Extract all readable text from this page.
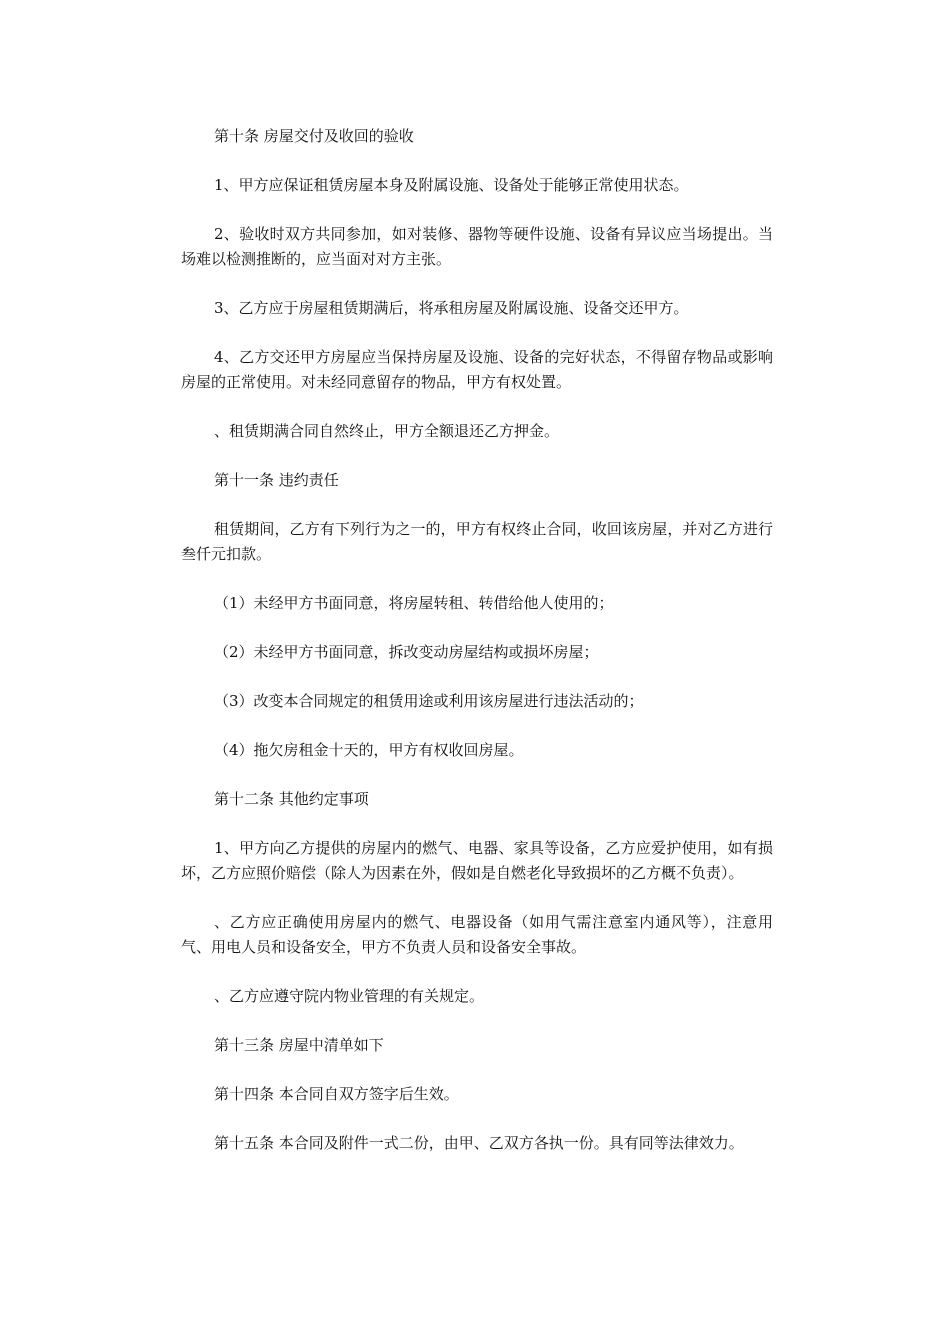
第十条 房屋交付及收回的验收

1、甲方应保证租赁房屋本身及附属设施、设备处于能够正常使用状态。

2、验收时双方共同参加，如对装修、器物等硬件设施、设备有异议应当场提出。当场难以检测推断的，应当面对对方主张。

3、乙方应于房屋租赁期满后，将承租房屋及附属设施、设备交还甲方。

4、乙方交还甲方房屋应当保持房屋及设施、设备的完好状态，不得留存物品或影响房屋的正常使用。对未经同意留存的物品，甲方有权处置。

、租赁期满合同自然终止，甲方全额退还乙方押金。

第十一条 违约责任

租赁期间，乙方有下列行为之一的，甲方有权终止合同，收回该房屋，并对乙方进行叁仟元扣款。

（1）未经甲方书面同意，将房屋转租、转借给他人使用的；

（2）未经甲方书面同意，拆改变动房屋结构或损坏房屋；

（3）改变本合同规定的租赁用途或利用该房屋进行违法活动的；

（4）拖欠房租金十天的，甲方有权收回房屋。

第十二条 其他约定事项

1、甲方向乙方提供的房屋内的燃气、电器、家具等设备，乙方应爱护使用，如有损坏，乙方应照价赔偿（除人为因素在外，假如是自燃老化导致损坏的乙方概不负责）。

、乙方应正确使用房屋内的燃气、电器设备（如用气需注意室内通风等），注意用气、用电人员和设备安全，甲方不负责人员和设备安全事故。

、乙方应遵守院内物业管理的有关规定。

第十三条 房屋中清单如下

第十四条 本合同自双方签字后生效。

第十五条 本合同及附件一式二份，由甲、乙双方各执一份。具有同等法律效力。
